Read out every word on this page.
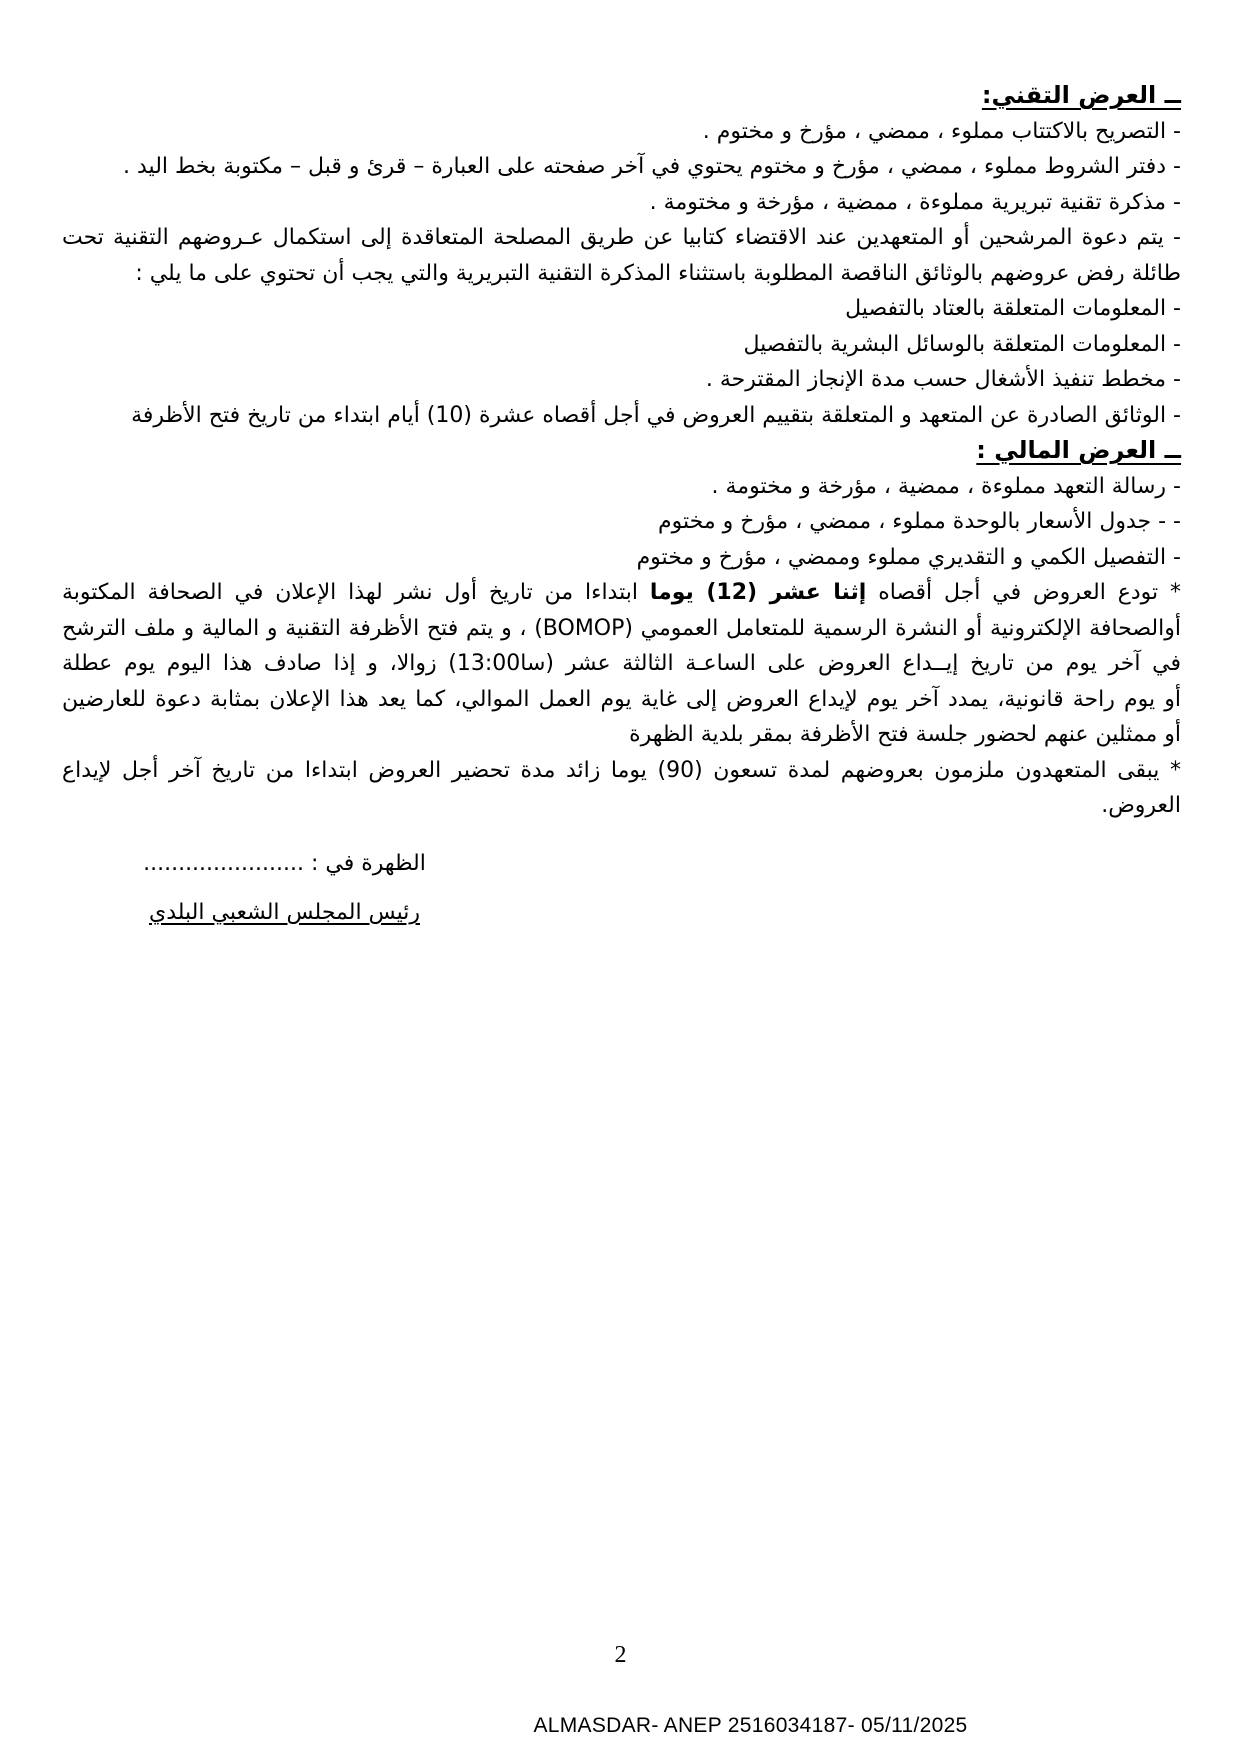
ــ العرض التقني:
- التصريح بالاكتتاب مملوء ، ممضي ، مؤرخ و مختوم .
- دفتر الشروط مملوء ، ممضي ، مؤرخ و مختوم يحتوي في آخر صفحته على العبارة – قرئ و قبل – مكتوبة بخط اليد .
- مذكرة تقنية تبريرية مملوءة ، ممضية ، مؤرخة و مختومة .
- يتم دعوة المرشحين أو المتعهدين عند الاقتضاء كتابيا عن طريق المصلحة المتعاقدة إلى استكمال عـروضهم التقنية تحت
طائلة رفض عروضهم بالوثائق الناقصة المطلوبة باستثناء المذكرة التقنية التبريرية والتي يجب أن تحتوي على ما يلي :
- المعلومات المتعلقة بالعتاد بالتفصيل
- المعلومات المتعلقة بالوسائل البشرية بالتفصيل
- مخطط تنفيذ الأشغال حسب مدة الإنجاز المقترحة .
- الوثائق الصادرة عن المتعهد و المتعلقة بتقييم العروض في أجل أقصاه عشرة (10) أيام ابتداء من تاريخ فتح الأظرفة
ــ العرض المالي :
- رسالة التعهد مملوءة ، ممضية ، مؤرخة و مختومة .
- - جدول الأسعار بالوحدة مملوء ، ممضي ، مؤرخ و مختوم
- التفصيل الكمي و التقديري مملوء وممضي ، مؤرخ و مختوم
* تودع العروض في أجل أقصاه إثنا عشر (12) يوما ابتداءا من تاريخ أول نشر لهذا الإعلان في الصحافة المكتوبة
أوالصحافة الإلكترونية أو النشرة الرسمية للمتعامل العمومي (BOMOP) ، و يتم فتح الأظرفة التقنية و المالية و ملف الترشح
في آخر يوم من تاريخ إيــداع العروض على الساعـة الثالثة عشر (سا13:00) زوالا، و إذا صادف هذا اليوم يوم عطلة
أو يوم راحة قانونية، يمدد آخر يوم لإيداع العروض إلى غاية يوم العمل الموالي، كما يعد هذا الإعلان بمثابة دعوة للعارضين
أو ممثلين عنهم لحضور جلسة فتح الأظرفة بمقر بلدية الظهرة
* يبقى المتعهدون ملزمون بعروضهم لمدة تسعون (90) يوما زائد مدة تحضير العروض ابتداءا من تاريخ آخر أجل لإيداع
العروض.
الظهرة في : .......................
رئيس المجلس الشعبي البلدي
2
ALMASDAR- ANEP 2516034187- 05/11/2025
